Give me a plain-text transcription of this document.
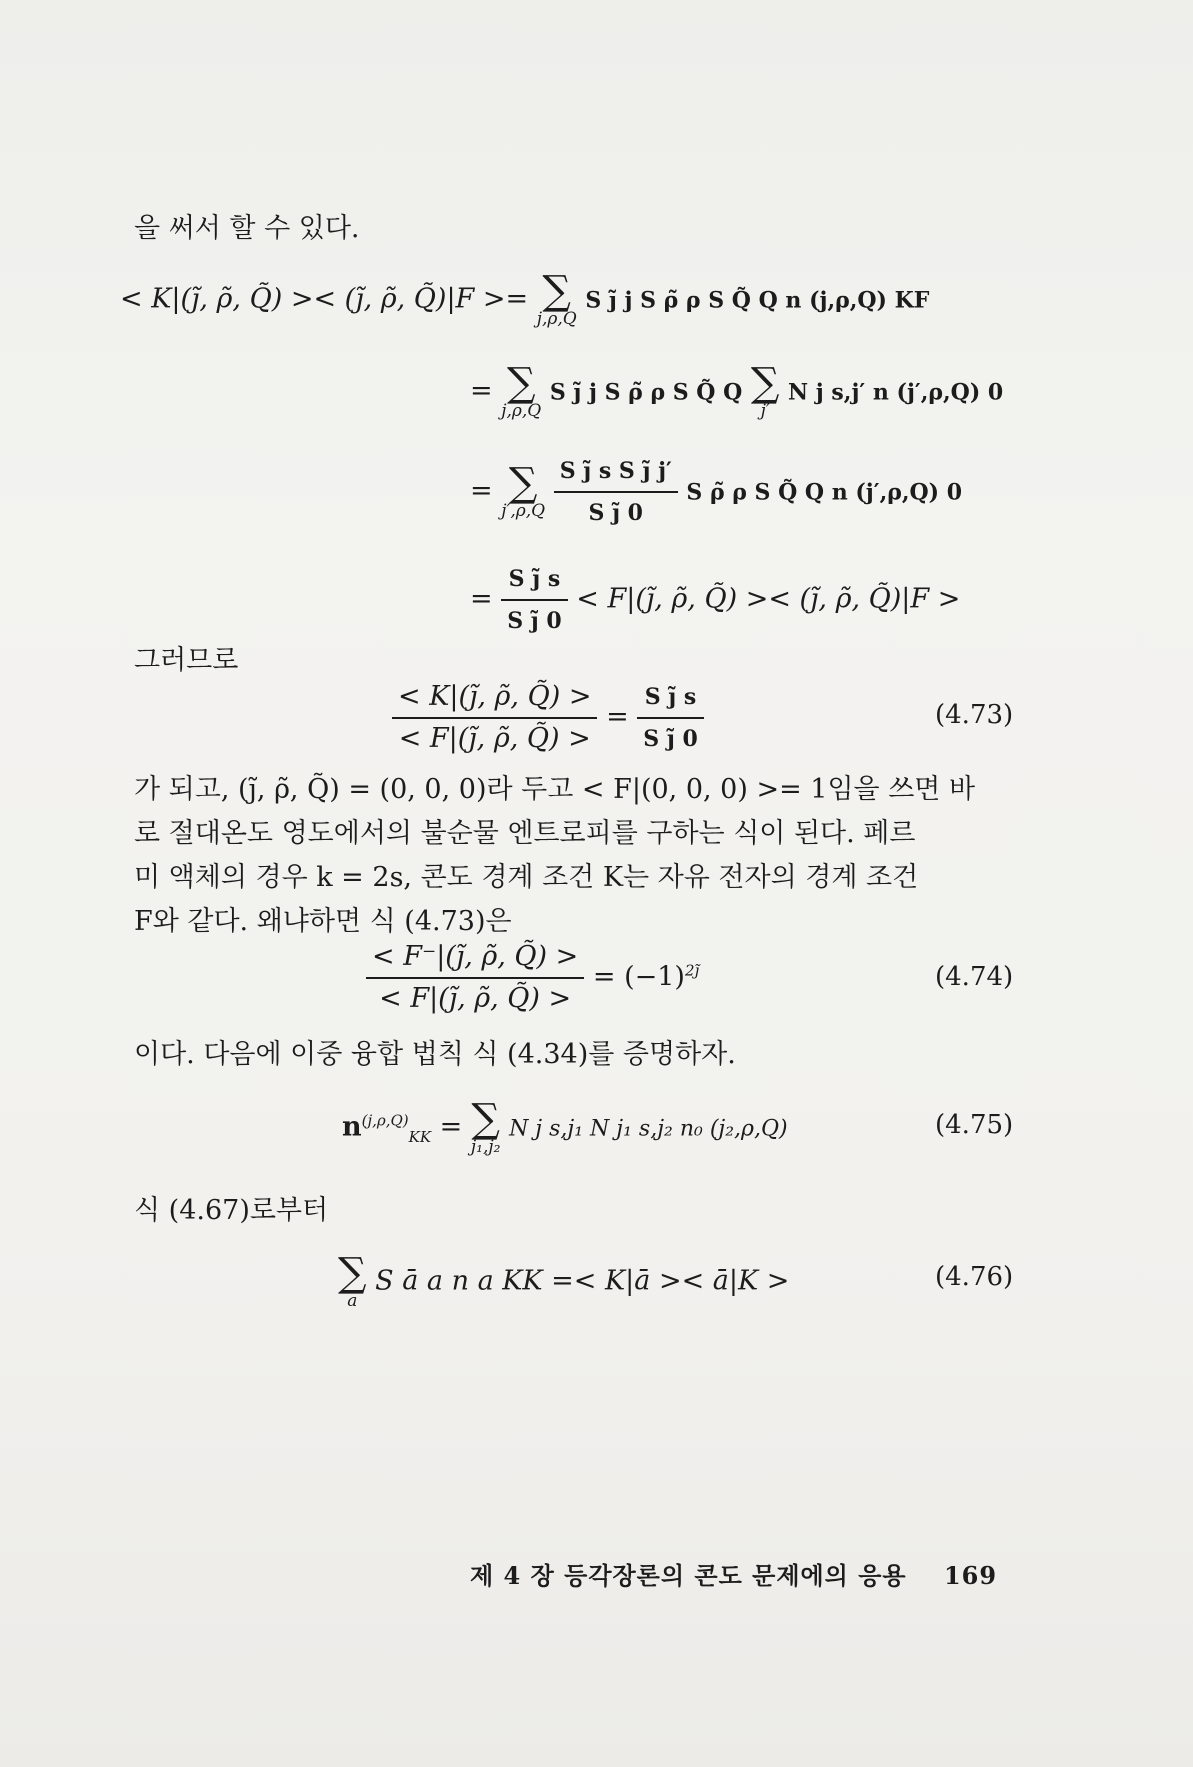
을 써서 할 수 있다.
< K|(j̃, ρ̃, Q̃) >< (j̃, ρ̃, Q̃)|F >= ∑
j,ρ,Q
S j̃ j S ρ̃ ρ S Q̃ Q n (j,ρ,Q) KF
= ∑
j,ρ,Q
S j̃ j S ρ̃ ρ S Q̃ Q ∑
j′
N j s,j′ n (j′,ρ,Q) 0
= ∑
j′,ρ,Q
$\frac{\text{S j̃ s S j̃ j′}}{\text{S j̃ 0}}$ S ρ̃ ρ S Q̃ Q n (j′,ρ,Q) 0
= $\frac{\text{S j̃ s}}{\text{S j̃ 0}}$ < F|(j̃, ρ̃, Q̃) >< (j̃, ρ̃, Q̃)|F >
그러므로
$\frac{< K|(j̃, \rhõ, Q̃) >}{< F|(j̃, \rhõ, Q̃) >} = \frac{\text{S j̃ s}}{\text{S j̃ 0}}$	(4.73)
가 되고, (j̃, ρ̃, Q̃) = (0, 0, 0)라 두고 < F|(0, 0, 0) >= 1임을 쓰면 바
로 절대온도 영도에서의 불순물 엔트로피를 구하는 식이 된다. 페르
미 액체의 경우 k = 2s, 콘도 경계 조건 K는 자유 전자의 경계 조건
F와 같다. 왜냐하면 식 (4.73)은
$\frac{< F^-|(j̃, \rhõ, Q̃) >}{< F|(j̃, \rhõ, Q̃) >} = (-1)^{2j̃}$	(4.74)
이다. 다음에 이중 융합 법칙 식 (4.34)를 증명하자.
$n^{(j,\rho,Q)}_{KK}$ = ∑
j₁,j₂
N j s,j₁ N j₁ s,j₂ n₀ (j₂,ρ,Q)	(4.75)
식 (4.67)로부터
∑
a
S ā a n a KK =< K|ā >< ā|K >	(4.76)
제 4 장 등각장론의 콘도 문제에의 응용 169
